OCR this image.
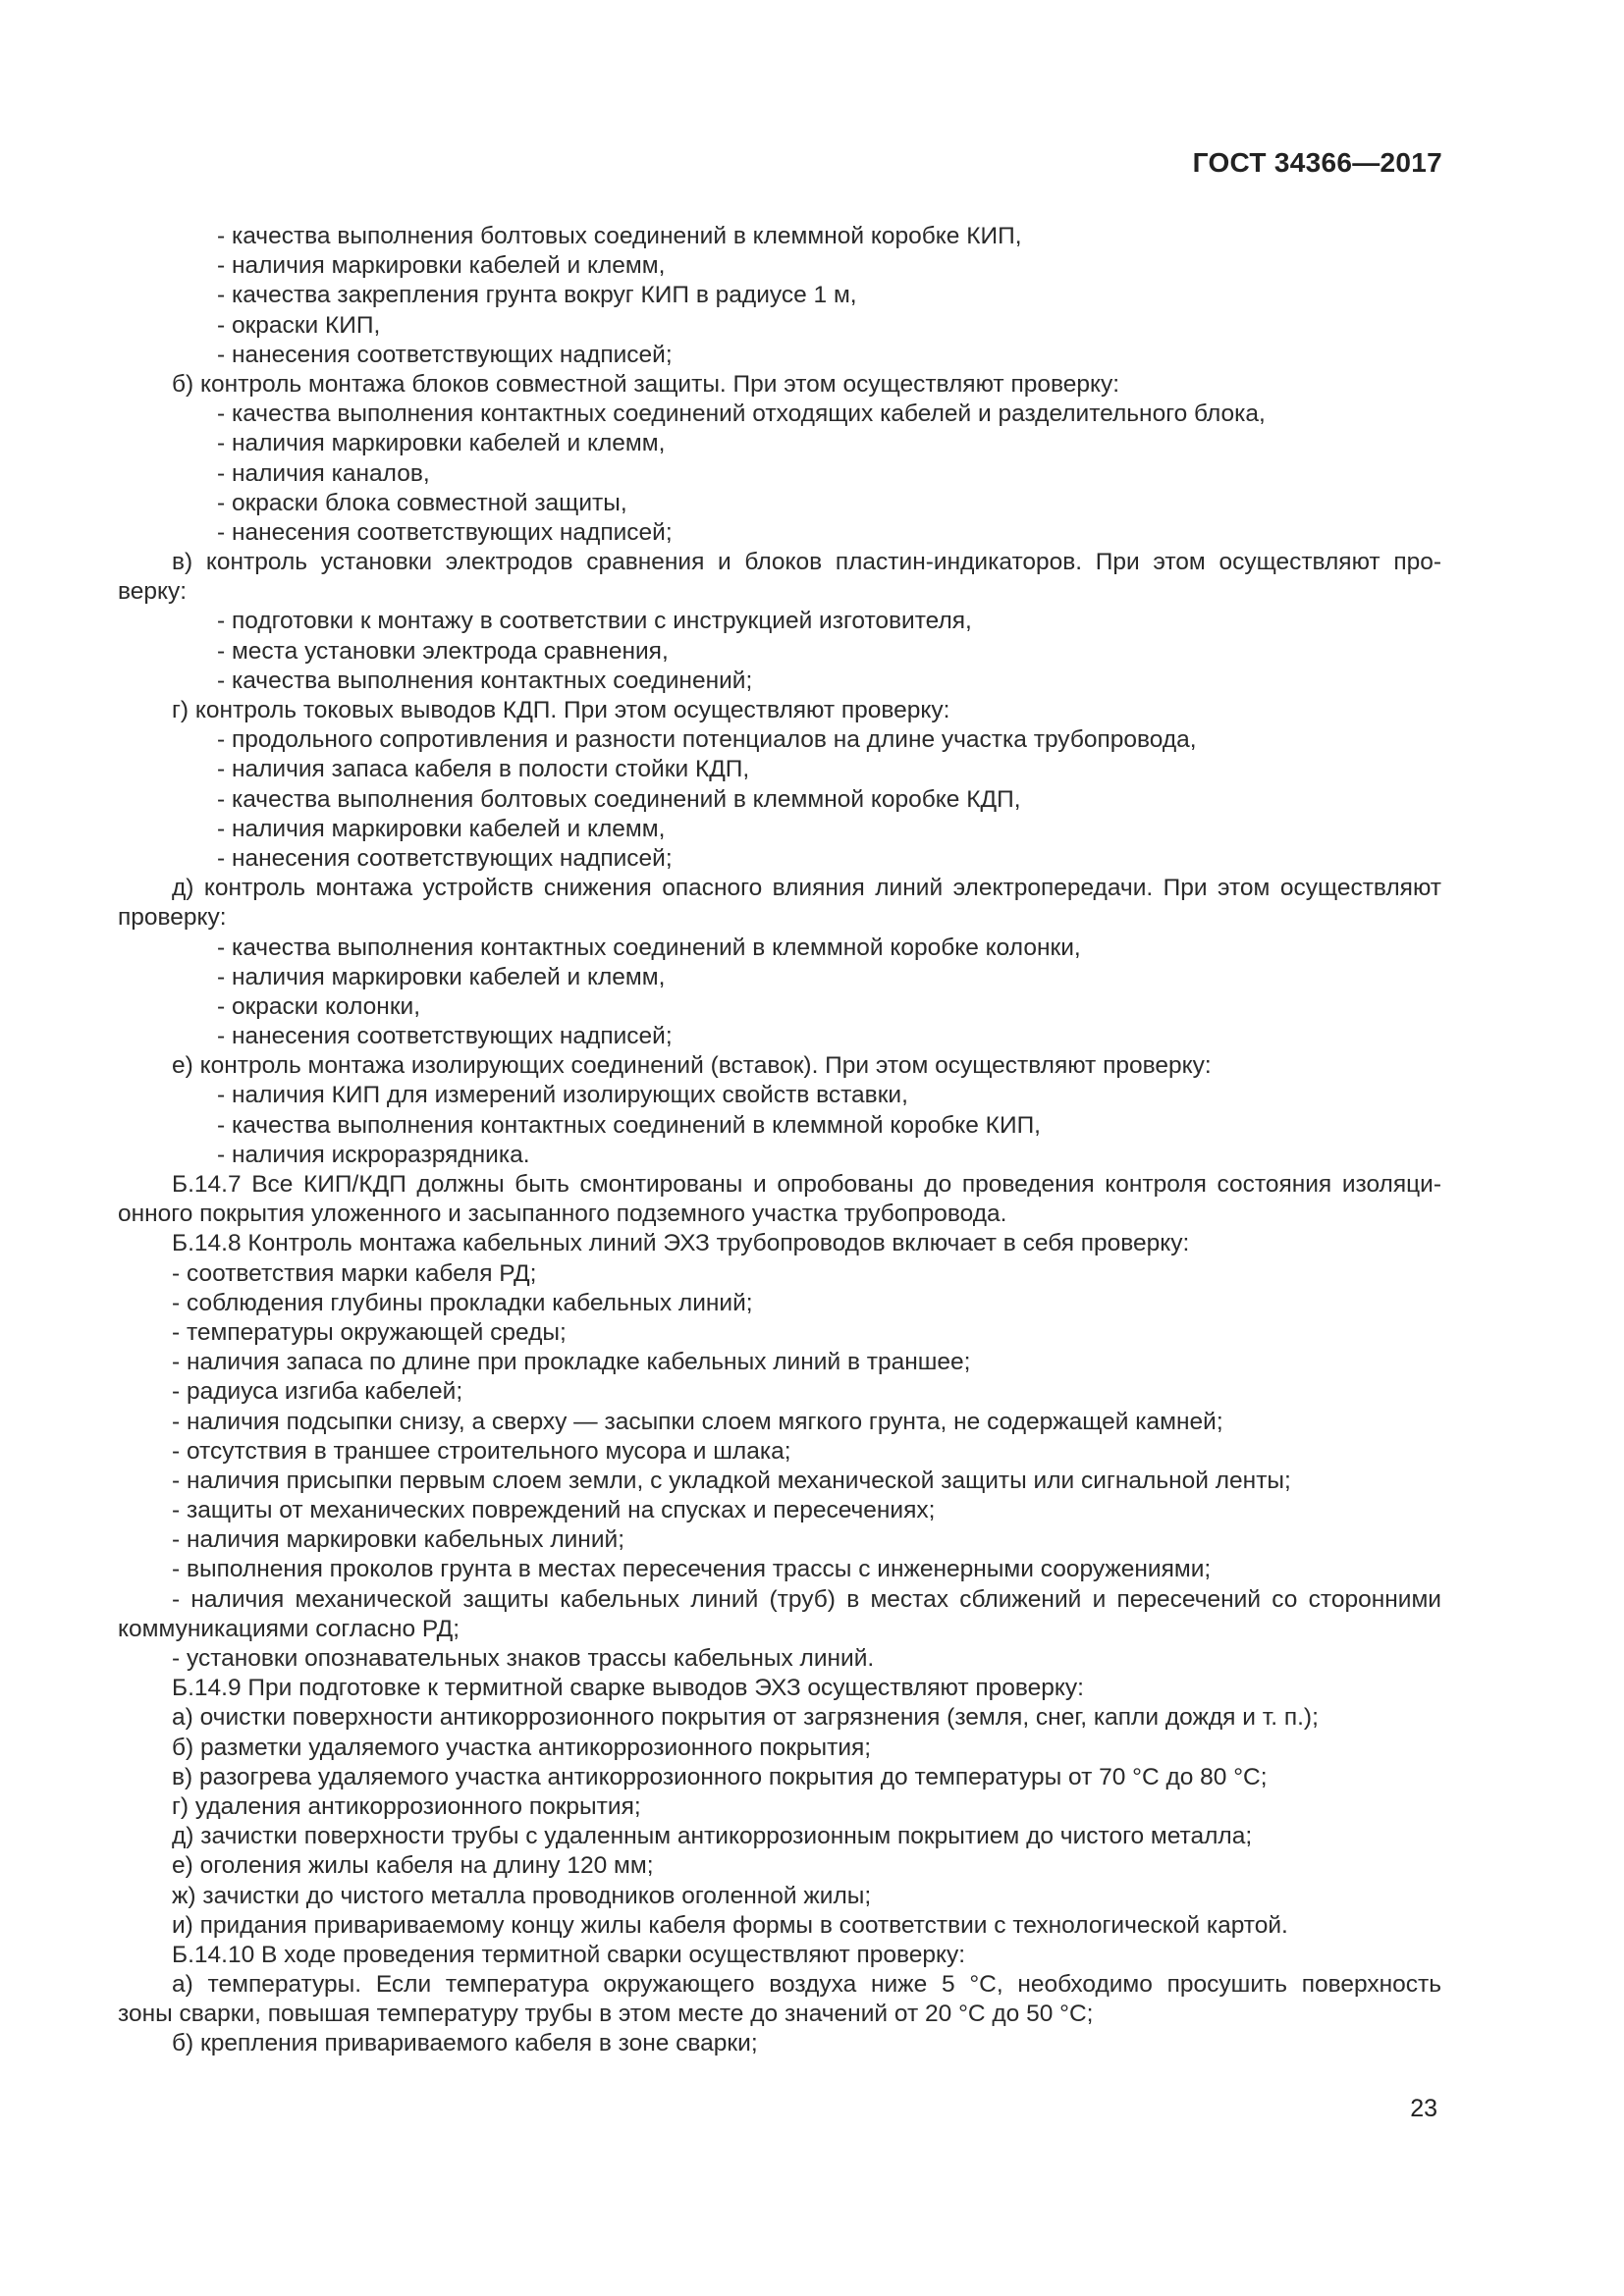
ГОСТ 34366—2017
- качества выполнения болтовых соединений в клеммной коробке КИП,
- наличия маркировки кабелей и клемм,
- качества закрепления грунта вокруг КИП в радиусе 1 м,
- окраски КИП,
- нанесения соответствующих надписей;
б) контроль монтажа блоков совместной защиты. При этом осуществляют проверку:
- качества выполнения контактных соединений отходящих кабелей и разделительного блока,
- наличия маркировки кабелей и клемм,
- наличия каналов,
- окраски блока совместной защиты,
- нанесения соответствующих надписей;
в) контроль установки электродов сравнения и блоков пластин-индикаторов. При этом осуществляют про-
верку:
- подготовки к монтажу в соответствии с инструкцией изготовителя,
- места установки электрода сравнения,
- качества выполнения контактных соединений;
г) контроль токовых выводов КДП. При этом осуществляют проверку:
- продольного сопротивления и разности потенциалов на длине участка трубопровода,
- наличия запаса кабеля в полости стойки КДП,
- качества выполнения болтовых соединений в клеммной коробке КДП,
- наличия маркировки кабелей и клемм,
- нанесения соответствующих надписей;
д) контроль монтажа устройств снижения опасного влияния линий электропередачи. При этом осуществляют
проверку:
- качества выполнения контактных соединений в клеммной коробке колонки,
- наличия маркировки кабелей и клемм,
- окраски колонки,
- нанесения соответствующих надписей;
е) контроль монтажа изолирующих соединений (вставок). При этом осуществляют проверку:
- наличия КИП для измерений изолирующих свойств вставки,
- качества выполнения контактных соединений в клеммной коробке КИП,
- наличия искроразрядника.
Б.14.7 Все КИП/КДП должны быть смонтированы и опробованы до проведения контроля состояния изоляци-
онного покрытия уложенного и засыпанного подземного участка трубопровода.
Б.14.8 Контроль монтажа кабельных линий ЭХЗ трубопроводов включает в себя проверку:
- соответствия марки кабеля РД;
- соблюдения глубины прокладки кабельных линий;
- температуры окружающей среды;
- наличия запаса по длине при прокладке кабельных линий в траншее;
- радиуса изгиба кабелей;
- наличия подсыпки снизу, а сверху — засыпки слоем мягкого грунта, не содержащей камней;
- отсутствия в траншее строительного мусора и шлака;
- наличия присыпки первым слоем земли, с укладкой механической защиты или сигнальной ленты;
- защиты от механических повреждений на спусках и пересечениях;
- наличия маркировки кабельных линий;
- выполнения проколов грунта в местах пересечения трассы с инженерными сооружениями;
- наличия механической защиты кабельных линий (труб) в местах сближений и пересечений со сторонними
коммуникациями согласно РД;
- установки опознавательных знаков трассы кабельных линий.
Б.14.9 При подготовке к термитной сварке выводов ЭХЗ осуществляют проверку:
а) очистки поверхности антикоррозионного покрытия от загрязнения (земля, снег, капли дождя и т. п.);
б) разметки удаляемого участка антикоррозионного покрытия;
в) разогрева удаляемого участка антикоррозионного покрытия до температуры от 70 °С до 80 °С;
г) удаления антикоррозионного покрытия;
д) зачистки поверхности трубы с удаленным антикоррозионным покрытием до чистого металла;
е) оголения жилы кабеля на длину 120 мм;
ж) зачистки до чистого металла проводников оголенной жилы;
и) придания привариваемому концу жилы кабеля формы в соответствии с технологической картой.
Б.14.10 В ходе проведения термитной сварки осуществляют проверку:
а) температуры. Если температура окружающего воздуха ниже 5 °С, необходимо просушить поверхность
зоны сварки, повышая температуру трубы в этом месте до значений от 20 °С до 50 °С;
б) крепления привариваемого кабеля в зоне сварки;
23
